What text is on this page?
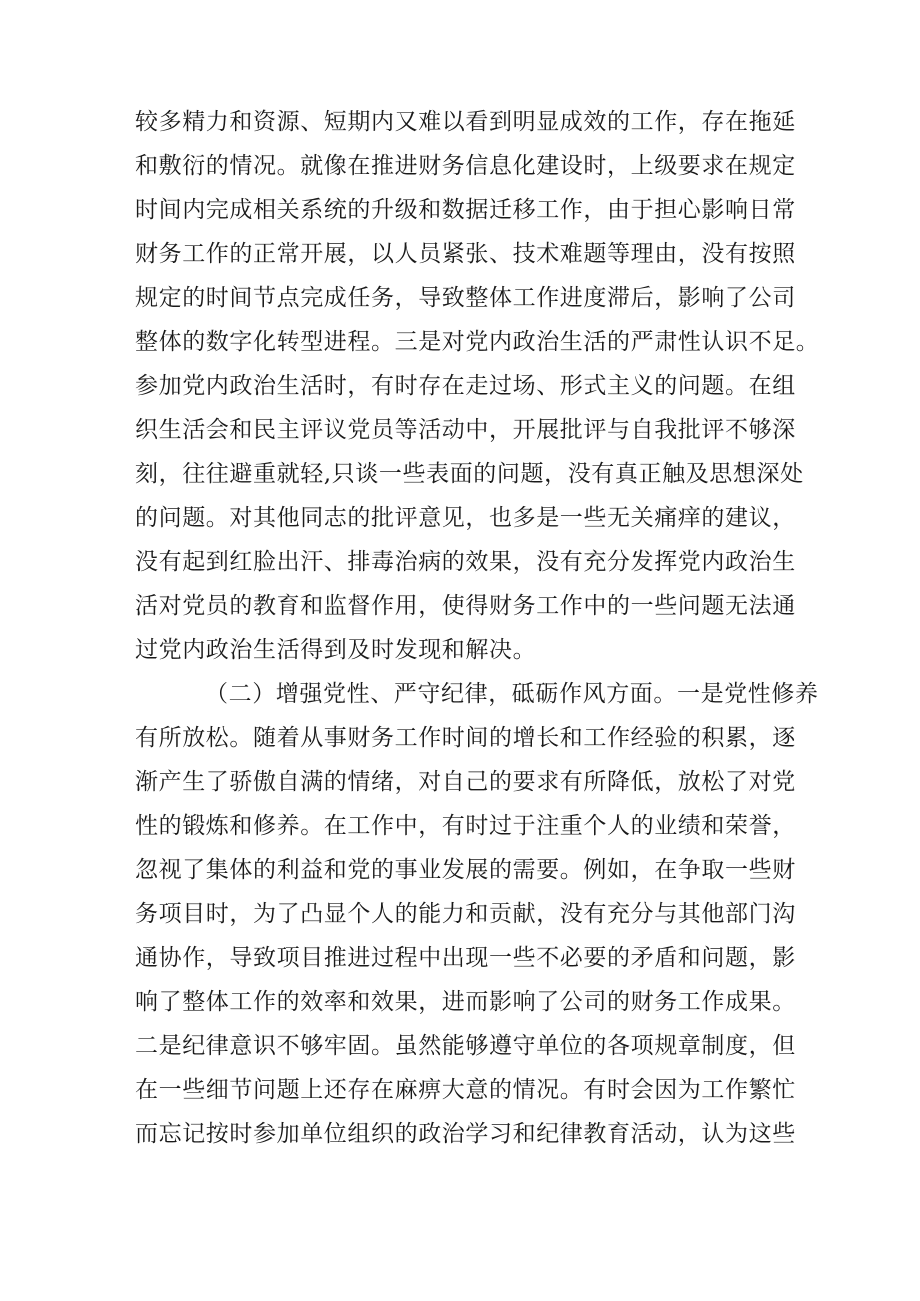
较多精力和资源、短期内又难以看到明显成效的工作，存在拖延
和敷衍的情况。就像在推进财务信息化建设时，上级要求在规定
时间内完成相关系统的升级和数据迁移工作，由于担心影响日常
财务工作的正常开展，以人员紧张、技术难题等理由，没有按照
规定的时间节点完成任务，导致整体工作进度滞后，影响了公司
整体的数字化转型进程。三是对党内政治生活的严肃性认识不足。
参加党内政治生活时，有时存在走过场、形式主义的问题。在组
织生活会和民主评议党员等活动中，开展批评与自我批评不够深
刻，往往避重就轻,只谈一些表面的问题，没有真正触及思想深处
的问题。对其他同志的批评意见，也多是一些无关痛痒的建议，
没有起到红脸出汗、排毒治病的效果，没有充分发挥党内政治生
活对党员的教育和监督作用，使得财务工作中的一些问题无法通
过党内政治生活得到及时发现和解决。
（二）增强党性、严守纪律，砥砺作风方面。一是党性修养
有所放松。随着从事财务工作时间的增长和工作经验的积累，逐
渐产生了骄傲自满的情绪，对自己的要求有所降低，放松了对党
性的锻炼和修养。在工作中，有时过于注重个人的业绩和荣誉，
忽视了集体的利益和党的事业发展的需要。例如，在争取一些财
务项目时，为了凸显个人的能力和贡献，没有充分与其他部门沟
通协作，导致项目推进过程中出现一些不必要的矛盾和问题，影
响了整体工作的效率和效果，进而影响了公司的财务工作成果。
二是纪律意识不够牢固。虽然能够遵守单位的各项规章制度，但
在一些细节问题上还存在麻痹大意的情况。有时会因为工作繁忙
而忘记按时参加单位组织的政治学习和纪律教育活动，认为这些
